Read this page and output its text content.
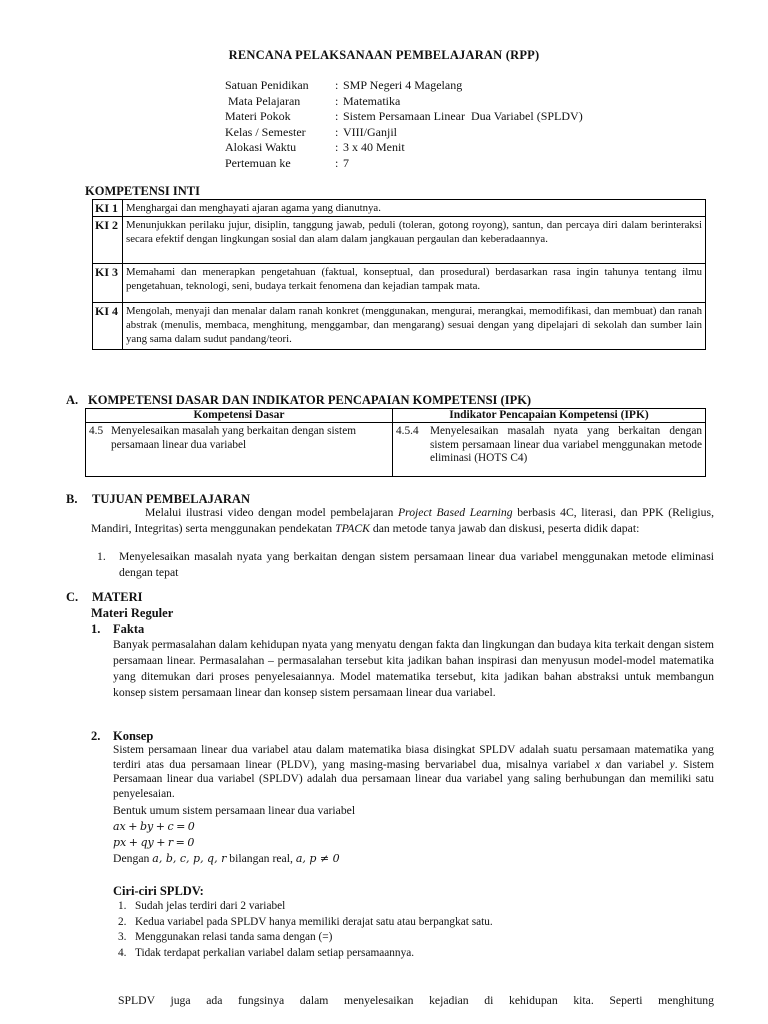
RENCANA PELAKSANAAN PEMBELAJARAN (RPP)
Satuan Penidikan	: SMP Negeri 4 Magelang
Mata Pelajaran	: Matematika
Materi Pokok	: Sistem Persamaan Linear  Dua Variabel (SPLDV)
Kelas / Semester	: VIII/Ganjil
Alokasi Waktu	: 3 x 40 Menit
Pertemuan ke	: 7
KOMPETENSI INTI
KI 1	Menghargai dan menghayati ajaran agama yang dianutnya.
KI 2	Menunjukkan perilaku jujur, disiplin, tanggung jawab, peduli (toleran, gotong royong), santun, dan percaya diri dalam berinteraksi secara efektif dengan lingkungan sosial dan alam dalam jangkauan pergaulan dan keberadaannya.
KI 3	Memahami dan menerapkan pengetahuan (faktual, konseptual, dan prosedural) berdasarkan rasa ingin tahunya tentang ilmu pengetahuan, teknologi, seni, budaya terkait fenomena dan kejadian tampak mata.
KI 4	Mengolah, menyaji dan menalar dalam ranah konkret (menggunakan, mengurai, merangkai, memodifikasi, dan membuat) dan ranah abstrak (menulis, membaca, menghitung, menggambar, dan mengarang) sesuai dengan yang dipelajari di sekolah dan sumber lain yang sama dalam sudut pandang/teori.
A. KOMPETENSI DASAR DAN INDIKATOR PENCAPAIAN KOMPETENSI (IPK)
Kompetensi Dasar	Indikator Pencapaian Kompetensi (IPK)

4.5 Menyelesaikan masalah yang berkaitan dengan sistem persamaan linear dua variabel	4.5.4 Menyelesaikan masalah nyata yang berkaitan dengan sistem persamaan linear dua variabel menggunakan metode eliminasi (HOTS C4)
B.	TUJUAN PEMBELAJARAN
Melalui ilustrasi video dengan model pembelajaran Project Based Learning berbasis 4C, literasi, dan PPK (Religius, Mandiri, Integritas) serta menggunakan pendekatan TPACK dan metode tanya jawab dan diskusi, peserta didik dapat:
1.	Menyelesaikan masalah nyata yang berkaitan dengan sistem persamaan linear dua variabel menggunakan metode eliminasi dengan tepat
C.	MATERI
Materi Reguler
1.	Fakta
Banyak permasalahan dalam kehidupan nyata yang menyatu dengan fakta dan lingkungan dan budaya kita terkait dengan sistem persamaan linear. Permasalahan – permasalahan tersebut kita jadikan bahan inspirasi dan menyusun model-model matematika yang ditemukan dari proses penyelesaiannya. Model matematika tersebut, kita jadikan bahan abstraksi untuk membangun konsep sistem persamaan linear dan konsep sistem persamaan linear dua variabel.
2.	Konsep
Sistem persamaan linear dua variabel atau dalam matematika biasa disingkat SPLDV adalah suatu persamaan matematika yang terdiri atas dua persamaan linear (PLDV), yang masing-masing bervariabel dua, misalnya variabel x dan variabel y. Sistem Persamaan linear dua variabel (SPLDV) adalah dua persamaan linear dua variabel yang saling berhubungan dan memiliki satu penyelesaian.
Bentuk umum sistem persamaan linear dua variabel
ax + by + c = 0
px + qy + r = 0
Dengan a, b, c, p, q, r bilangan real, a, p ≠ 0
Ciri-ciri SPLDV:
1. Sudah jelas terdiri dari 2 variabel
2. Kedua variabel pada SPLDV hanya memiliki derajat satu atau berpangkat satu.
3. Menggunakan relasi tanda sama dengan (=)
4. Tidak terdapat perkalian variabel dalam setiap persamaannya.
SPLDV juga ada fungsinya dalam menyelesaikan kejadian di kehidupan kita. Seperti menghitung
